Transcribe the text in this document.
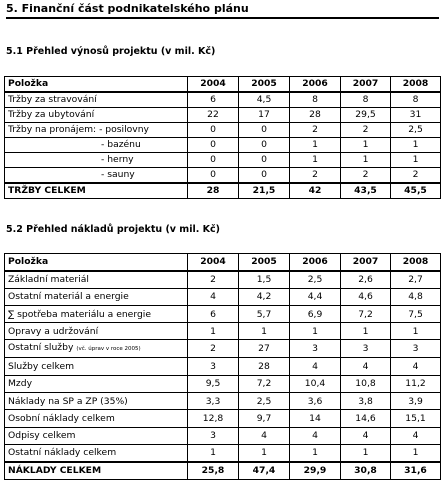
5. Finanční část podnikatelského plánu
5.1 Přehled výnosů projektu (v mil. Kč)
Položka	2004	2005	2006	2007	2008
Tržby za stravování	6	4,5	8	8	8
Tržby za ubytování	22	17	28	29,5	31
Tržby na pronájem: - posilovny	0	0	2	2	2,5
- bazénu	0	0	1	1	1
- herny	0	0	1	1	1
- sauny	0	0	2	2	2
TRŽBY CELKEM	28	21,5	42	43,5	45,5
5.2 Přehled nákladů projektu (v mil. Kč)
Položka	2004	2005	2006	2007	2008
Základní materiál	2	1,5	2,5	2,6	2,7
Ostatní materiál a energie	4	4,2	4,4	4,6	4,8
∑ spotřeba materiálu a energie	6	5,7	6,9	7,2	7,5
Opravy a udržování	1	1	1	1	1
Ostatní služby (vč. úprav v roce 2005)	2	27	3	3	3
Služby celkem	3	28	4	4	4
Mzdy	9,5	7,2	10,4	10,8	11,2
Náklady na SP a ZP (35%)	3,3	2,5	3,6	3,8	3,9
Osobní náklady celkem	12,8	9,7	14	14,6	15,1
Odpisy celkem	3	4	4	4	4
Ostatní náklady celkem	1	1	1	1	1
NÁKLADY CELKEM	25,8	47,4	29,9	30,8	31,6
